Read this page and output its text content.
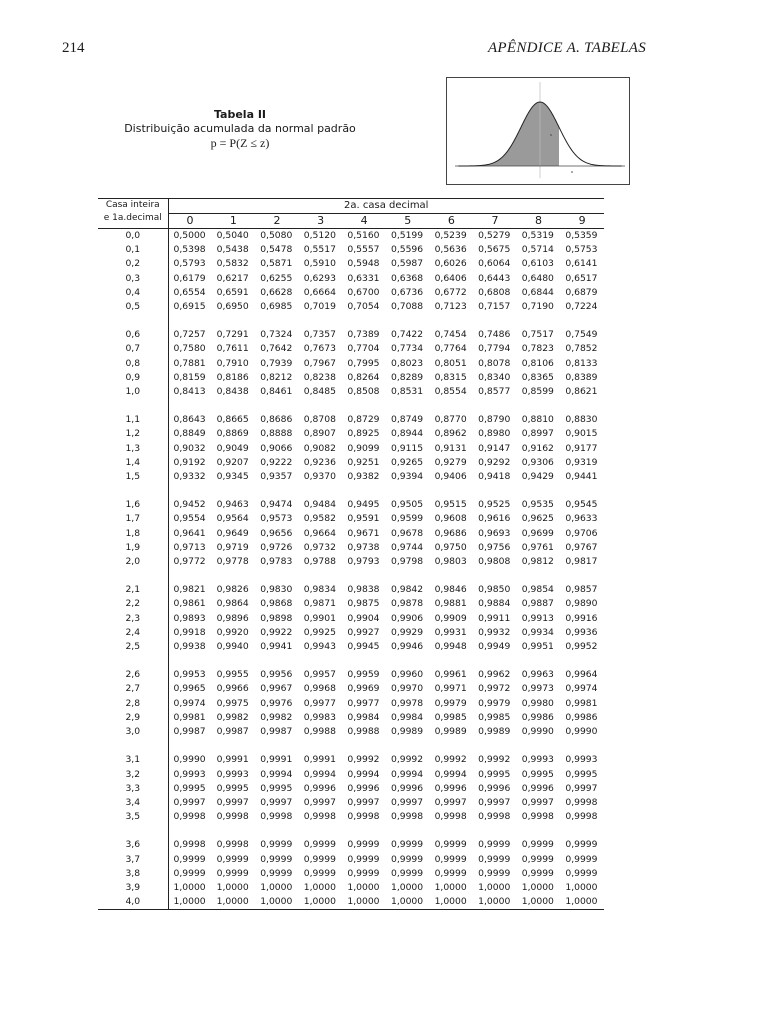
214	APÊNDICE A. TABELAS
Tabela II
Distribuição acumulada da normal padrão
p = P(Z ≤ z)
Casa inteira
e 1a.decimal	2a. casa decimal									
	0	1	2	3	4	5	6	7	8	9
0,0	0,5000	0,5040	0,5080	0,5120	0,5160	0,5199	0,5239	0,5279	0,5319	0,5359
0,1	0,5398	0,5438	0,5478	0,5517	0,5557	0,5596	0,5636	0,5675	0,5714	0,5753
0,2	0,5793	0,5832	0,5871	0,5910	0,5948	0,5987	0,6026	0,6064	0,6103	0,6141
0,3	0,6179	0,6217	0,6255	0,6293	0,6331	0,6368	0,6406	0,6443	0,6480	0,6517
0,4	0,6554	0,6591	0,6628	0,6664	0,6700	0,6736	0,6772	0,6808	0,6844	0,6879
0,5	0,6915	0,6950	0,6985	0,7019	0,7054	0,7088	0,7123	0,7157	0,7190	0,7224

0,6	0,7257	0,7291	0,7324	0,7357	0,7389	0,7422	0,7454	0,7486	0,7517	0,7549
0,7	0,7580	0,7611	0,7642	0,7673	0,7704	0,7734	0,7764	0,7794	0,7823	0,7852
0,8	0,7881	0,7910	0,7939	0,7967	0,7995	0,8023	0,8051	0,8078	0,8106	0,8133
0,9	0,8159	0,8186	0,8212	0,8238	0,8264	0,8289	0,8315	0,8340	0,8365	0,8389
1,0	0,8413	0,8438	0,8461	0,8485	0,8508	0,8531	0,8554	0,8577	0,8599	0,8621

1,1	0,8643	0,8665	0,8686	0,8708	0,8729	0,8749	0,8770	0,8790	0,8810	0,8830
1,2	0,8849	0,8869	0,8888	0,8907	0,8925	0,8944	0,8962	0,8980	0,8997	0,9015
1,3	0,9032	0,9049	0,9066	0,9082	0,9099	0,9115	0,9131	0,9147	0,9162	0,9177
1,4	0,9192	0,9207	0,9222	0,9236	0,9251	0,9265	0,9279	0,9292	0,9306	0,9319
1,5	0,9332	0,9345	0,9357	0,9370	0,9382	0,9394	0,9406	0,9418	0,9429	0,9441

1,6	0,9452	0,9463	0,9474	0,9484	0,9495	0,9505	0,9515	0,9525	0,9535	0,9545
1,7	0,9554	0,9564	0,9573	0,9582	0,9591	0,9599	0,9608	0,9616	0,9625	0,9633
1,8	0,9641	0,9649	0,9656	0,9664	0,9671	0,9678	0,9686	0,9693	0,9699	0,9706
1,9	0,9713	0,9719	0,9726	0,9732	0,9738	0,9744	0,9750	0,9756	0,9761	0,9767
2,0	0,9772	0,9778	0,9783	0,9788	0,9793	0,9798	0,9803	0,9808	0,9812	0,9817

2,1	0,9821	0,9826	0,9830	0,9834	0,9838	0,9842	0,9846	0,9850	0,9854	0,9857
2,2	0,9861	0,9864	0,9868	0,9871	0,9875	0,9878	0,9881	0,9884	0,9887	0,9890
2,3	0,9893	0,9896	0,9898	0,9901	0,9904	0,9906	0,9909	0,9911	0,9913	0,9916
2,4	0,9918	0,9920	0,9922	0,9925	0,9927	0,9929	0,9931	0,9932	0,9934	0,9936
2,5	0,9938	0,9940	0,9941	0,9943	0,9945	0,9946	0,9948	0,9949	0,9951	0,9952

2,6	0,9953	0,9955	0,9956	0,9957	0,9959	0,9960	0,9961	0,9962	0,9963	0,9964
2,7	0,9965	0,9966	0,9967	0,9968	0,9969	0,9970	0,9971	0,9972	0,9973	0,9974
2,8	0,9974	0,9975	0,9976	0,9977	0,9977	0,9978	0,9979	0,9979	0,9980	0,9981
2,9	0,9981	0,9982	0,9982	0,9983	0,9984	0,9984	0,9985	0,9985	0,9986	0,9986
3,0	0,9987	0,9987	0,9987	0,9988	0,9988	0,9989	0,9989	0,9989	0,9990	0,9990

3,1	0,9990	0,9991	0,9991	0,9991	0,9992	0,9992	0,9992	0,9992	0,9993	0,9993
3,2	0,9993	0,9993	0,9994	0,9994	0,9994	0,9994	0,9994	0,9995	0,9995	0,9995
3,3	0,9995	0,9995	0,9995	0,9996	0,9996	0,9996	0,9996	0,9996	0,9996	0,9997
3,4	0,9997	0,9997	0,9997	0,9997	0,9997	0,9997	0,9997	0,9997	0,9997	0,9998
3,5	0,9998	0,9998	0,9998	0,9998	0,9998	0,9998	0,9998	0,9998	0,9998	0,9998

3,6	0,9998	0,9998	0,9999	0,9999	0,9999	0,9999	0,9999	0,9999	0,9999	0,9999
3,7	0,9999	0,9999	0,9999	0,9999	0,9999	0,9999	0,9999	0,9999	0,9999	0,9999
3,8	0,9999	0,9999	0,9999	0,9999	0,9999	0,9999	0,9999	0,9999	0,9999	0,9999
3,9	1,0000	1,0000	1,0000	1,0000	1,0000	1,0000	1,0000	1,0000	1,0000	1,0000
4,0	1,0000	1,0000	1,0000	1,0000	1,0000	1,0000	1,0000	1,0000	1,0000	1,0000
